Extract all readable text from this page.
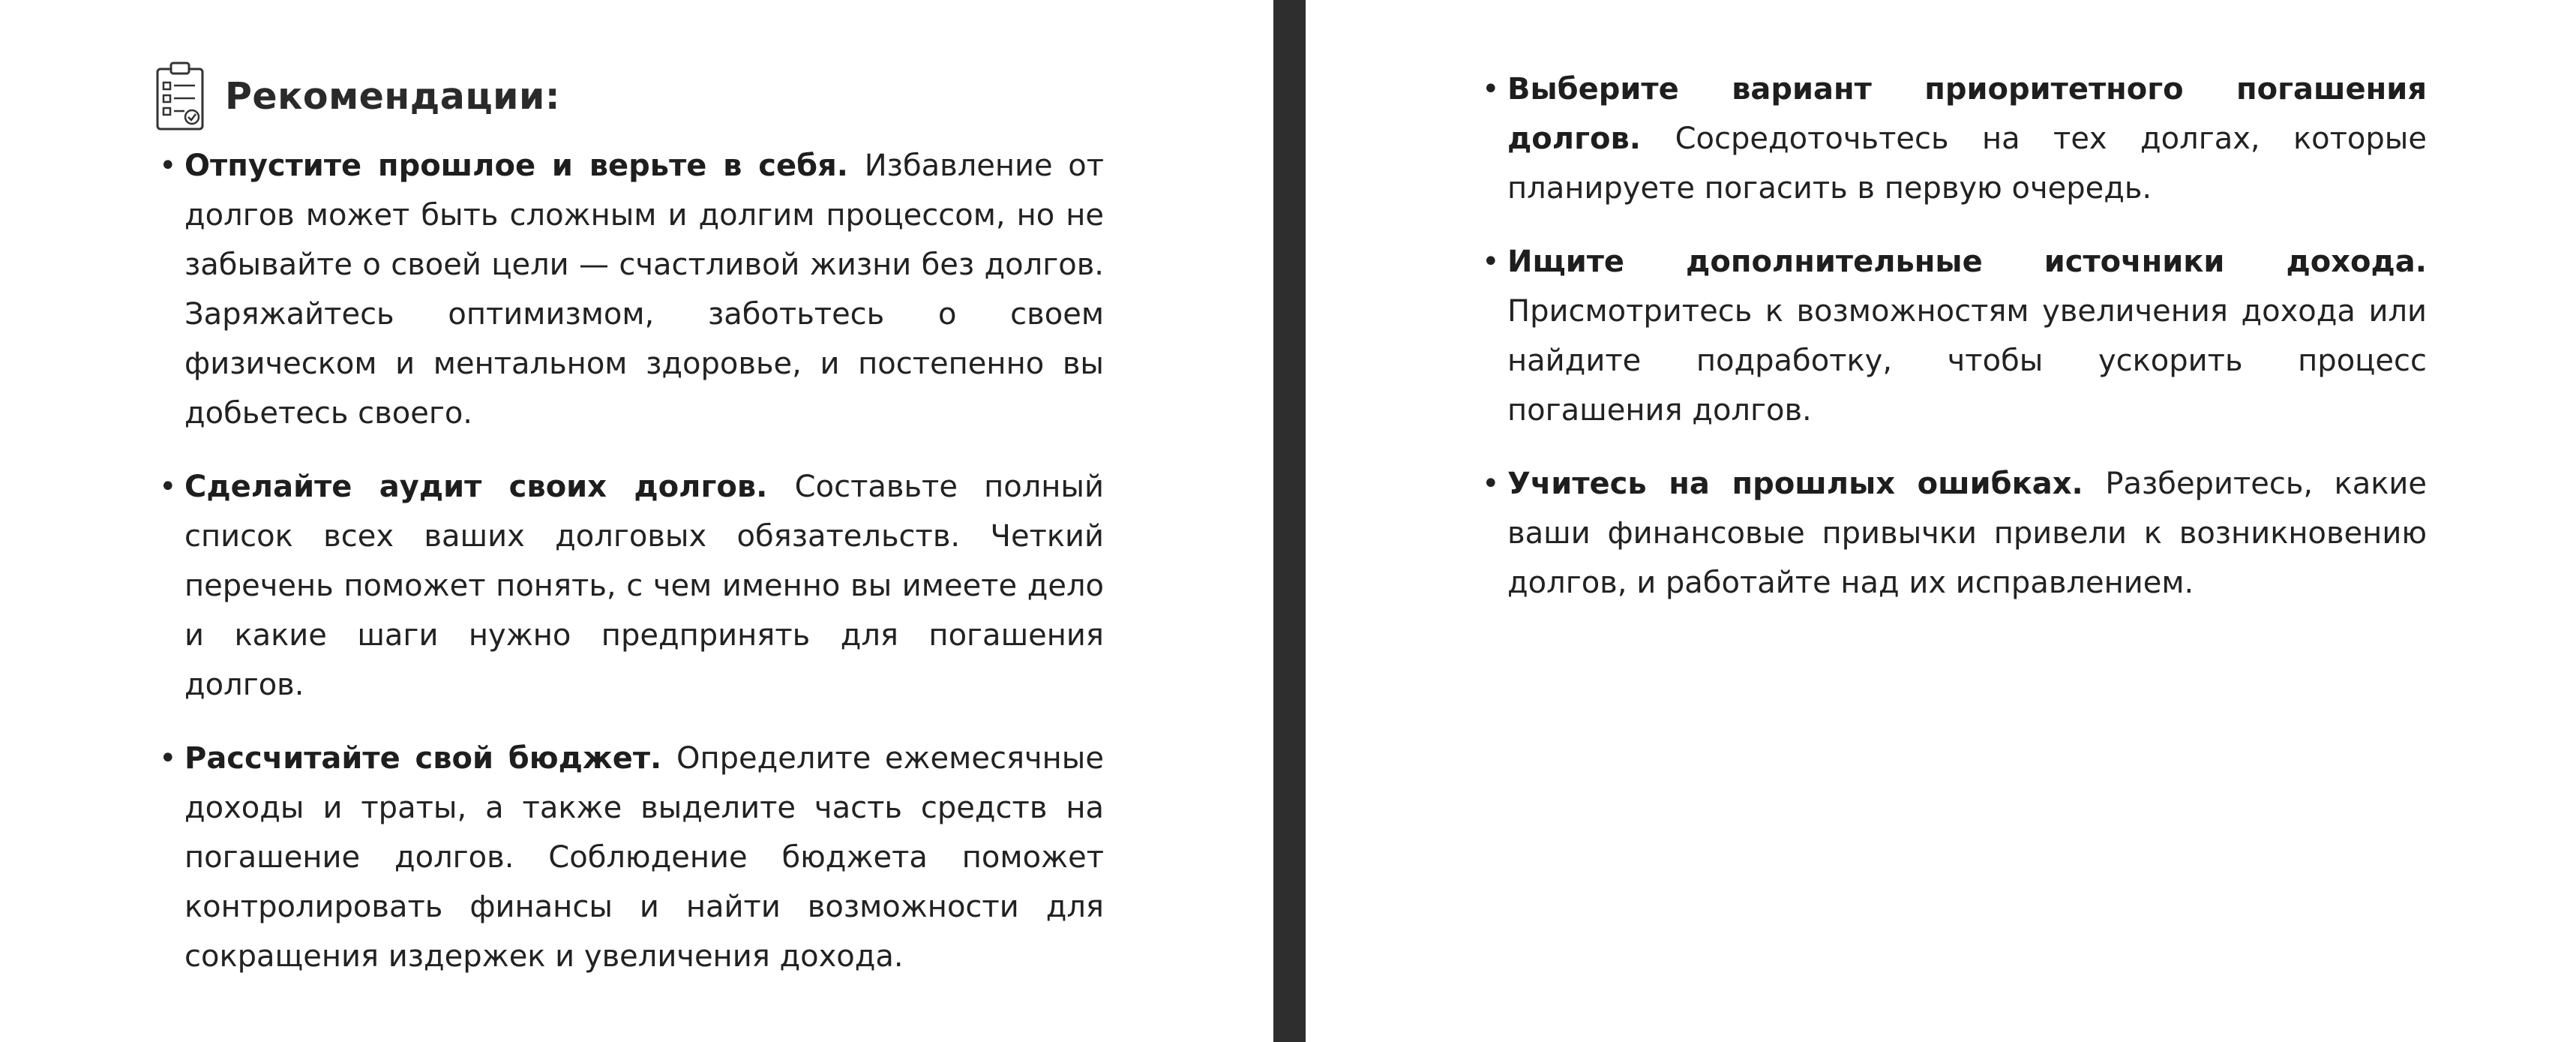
Рекомендации:
• Отпустите прошлое и верьте в себя. Избавление от долгов может быть сложным и долгим процессом, но не забывайте о своей цели — счастливой жизни без долгов. Заряжайтесь оптимизмом, заботьтесь о своем физическом и ментальном здоровье, и постепенно вы добьетесь своего.
• Сделайте аудит своих долгов. Составьте полный список всех ваших долговых обязательств. Четкий перечень поможет понять, с чем именно вы имеете дело и какие шаги нужно предпринять для погашения долгов.
• Рассчитайте свой бюджет. Определите ежемесячные доходы и траты, а также выделите часть средств на погашение долгов. Соблюдение бюджета поможет контролировать финансы и найти возможности для сокращения издержек и увеличения дохода.
• Выберите вариант приоритетного погашения долгов. Сосредоточьтесь на тех долгах, которые планируете погасить в первую очередь.
• Ищите дополнительные источники дохода. Присмотритесь к возможностям увеличения дохода или найдите подработку, чтобы ускорить процесс погашения долгов.
• Учитесь на прошлых ошибках. Разберитесь, какие ваши финансовые привычки привели к возникновению долгов, и работайте над их исправлением.
